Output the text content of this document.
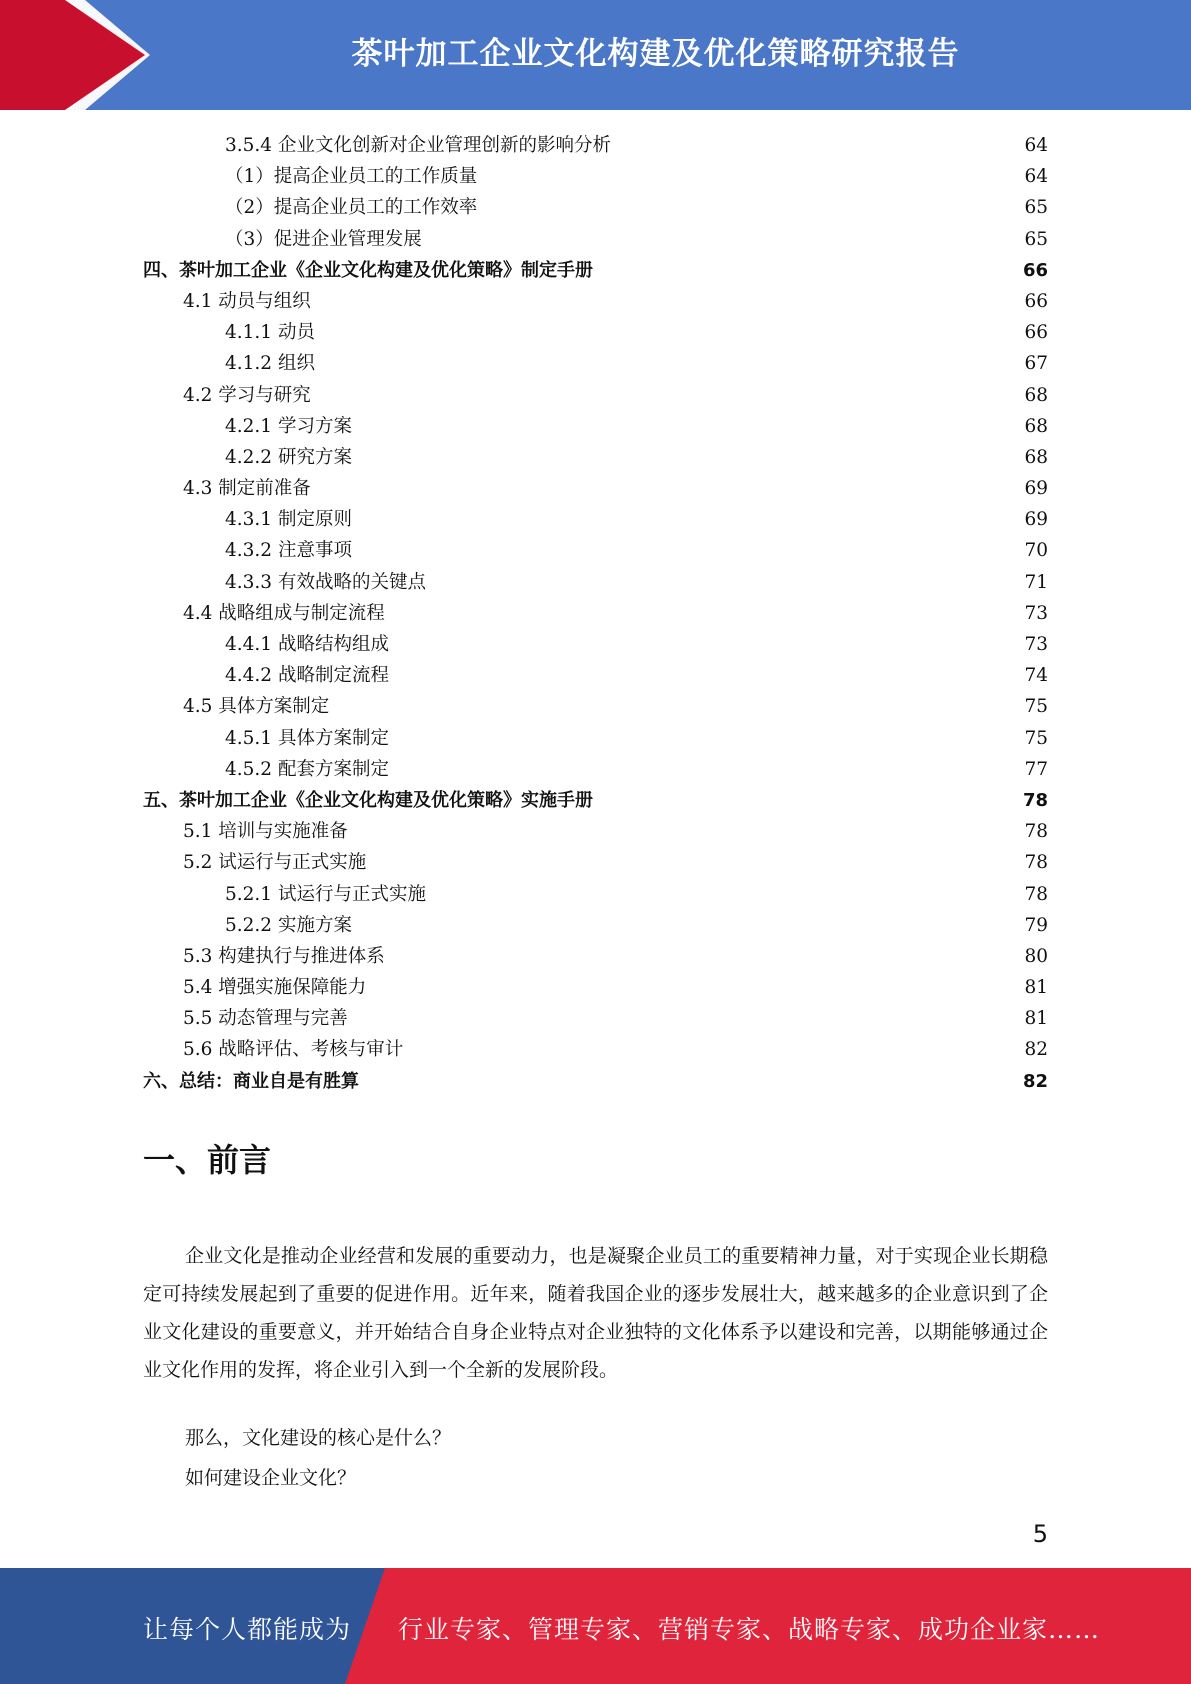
茶叶加工企业文化构建及优化策略研究报告
3.5.4 企业文化创新对企业管理创新的影响分析	64
（1）提高企业员工的工作质量	64
（2）提高企业员工的工作效率	65
（3）促进企业管理发展	65
四、茶叶加工企业《企业文化构建及优化策略》制定手册	66
4.1 动员与组织	66
4.1.1 动员	66
4.1.2 组织	67
4.2 学习与研究	68
4.2.1 学习方案	68
4.2.2 研究方案	68
4.3 制定前准备	69
4.3.1 制定原则	69
4.3.2 注意事项	70
4.3.3 有效战略的关键点	71
4.4 战略组成与制定流程	73
4.4.1 战略结构组成	73
4.4.2 战略制定流程	74
4.5 具体方案制定	75
4.5.1 具体方案制定	75
4.5.2 配套方案制定	77
五、茶叶加工企业《企业文化构建及优化策略》实施手册	78
5.1 培训与实施准备	78
5.2 试运行与正式实施	78
5.2.1 试运行与正式实施	78
5.2.2 实施方案	79
5.3 构建执行与推进体系	80
5.4 增强实施保障能力	81
5.5 动态管理与完善	81
5.6 战略评估、考核与审计	82
六、总结：商业自是有胜算	82
一、前言
企业文化是推动企业经营和发展的重要动力，也是凝聚企业员工的重要精神力量，对于实现企业长期稳定可持续发展起到了重要的促进作用。近年来，随着我国企业的逐步发展壮大，越来越多的企业意识到了企业文化建设的重要意义，并开始结合自身企业特点对企业独特的文化体系予以建设和完善，以期能够通过企业文化作用的发挥，将企业引入到一个全新的发展阶段。
那么，文化建设的核心是什么？
如何建设企业文化？
5
让每个人都能成为 行业专家、管理专家、营销专家、战略专家、成功企业家……
